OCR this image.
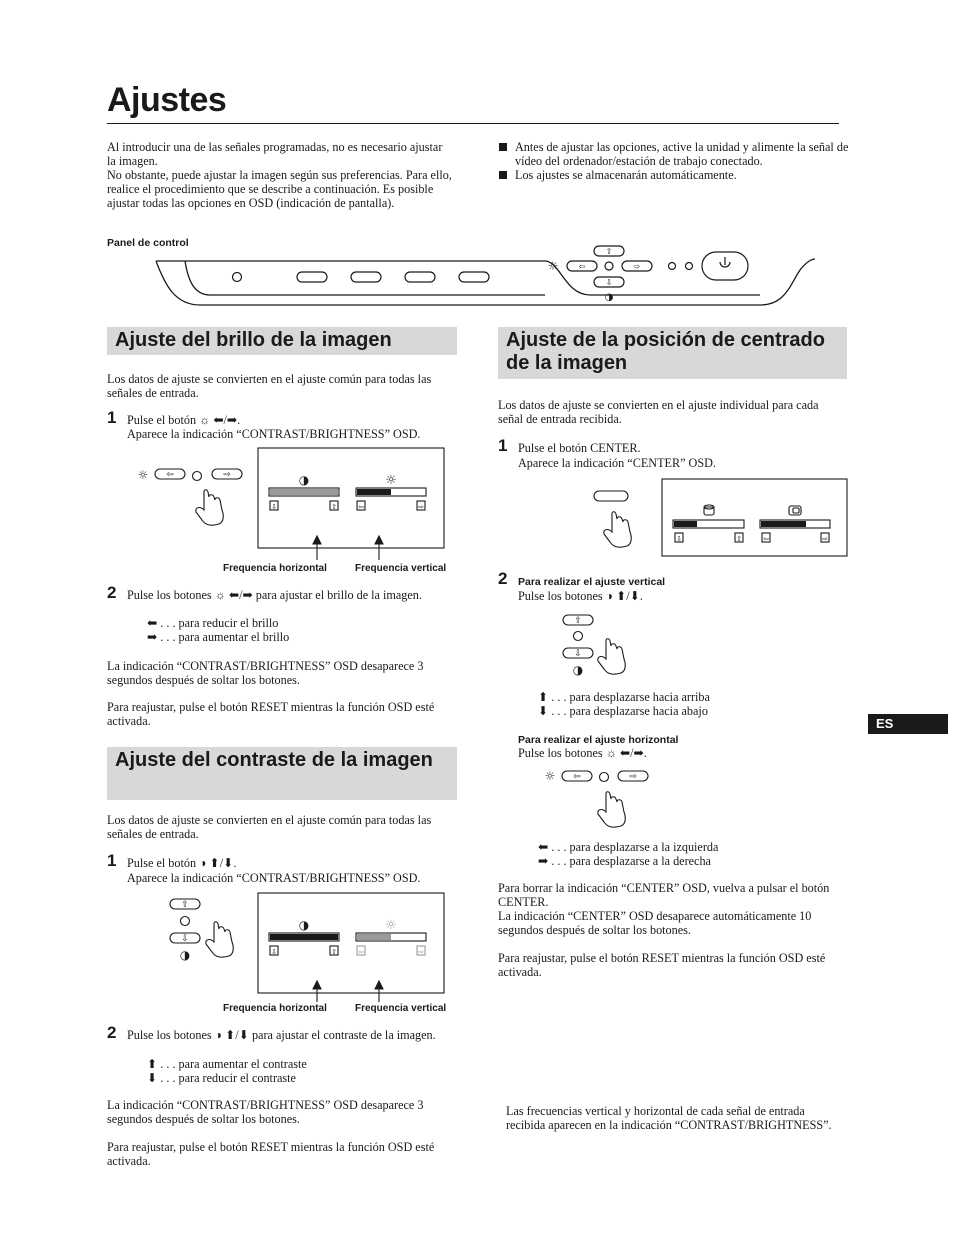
Ajustes
Al introducir una de las señales programadas, no es necesario ajustar la imagen.
No obstante, puede ajustar la imagen según sus preferencias. Para ello, realice el procedimiento que se describe a continuación. Es posible ajustar todas las opciones en OSD (indicación de pantalla).
Antes de ajustar las opciones, active la unidad y alimente la señal de vídeo del ordenador/estación de trabajo conectado.
Los ajustes se almacenarán automáticamente.
Panel de control
⇧
⇦	⇨
⇩
☼
◑
Ajuste del brillo de la imagen
Los datos de ajuste se convierten en el ajuste común para todas las señales de entrada.
1 Pulse el botón ☼ ⬅/➡.
Aparece la indicación “CONTRAST/BRIGHTNESS” OSD.
⇦	⇨
☼	◑	☼
⇩	⇧	⇦	⇨
Frequencia horizontal	Frequencia vertical
2 Pulse los botones ☼ ⬅/➡ para ajustar el brillo de la imagen.
⬅ . . . para reducir el brillo
➡ . . . para aumentar el brillo
La indicación “CONTRAST/BRIGHTNESS” OSD desaparece 3 segundos después de soltar los botones.
Para reajustar, pulse el botón RESET mientras la función OSD esté activada.
Ajuste del contraste de la imagen
Los datos de ajuste se convierten en el ajuste común para todas las señales de entrada.
1 Pulse el botón ◑ ⬆/⬇.
Aparece la indicación “CONTRAST/BRIGHTNESS” OSD.
⇧
⇩
◑
◑	☼
⇩	⇧	⇦	⇨
Frequencia horizontal	Frequencia vertical
2 Pulse los botones ◑ ⬆/⬇ para ajustar el contraste de la imagen.
⬆ . . . para aumentar el contraste
⬇ . . . para reducir el contraste
La indicación “CONTRAST/BRIGHTNESS” OSD desaparece 3 segundos después de soltar los botones.
Para reajustar, pulse el botón RESET mientras la función OSD esté activada.
Ajuste de la posición de centrado de la imagen
Los datos de ajuste se convierten en el ajuste individual para cada señal de entrada recibida.
1 Pulse el botón CENTER.
Aparece la indicación “CENTER” OSD.
⇩	⇧	⇦	⇨
⇧
⇩
◑
⇦	⇨
☼
2 Para realizar el ajuste vertical
Pulse los botones ◑ ⬆/⬇.
⬆ . . . para desplazarse hacia arriba
⬇ . . . para desplazarse hacia abajo
Para realizar el ajuste horizontal
Pulse los botones ☼ ⬅/➡.
⬅ . . . para desplazarse a la izquierda
➡ . . . para desplazarse a la derecha
Para borrar la indicación “CENTER” OSD, vuelva a pulsar el botón CENTER.
La indicación “CENTER” OSD desaparece automáticamente 10 segundos después de soltar los botones.
Para reajustar, pulse el botón RESET mientras la función OSD esté activada.
Las frecuencias vertical y horizontal de cada señal de entrada recibida aparecen en la indicación “CONTRAST/BRIGHTNESS”.
ES
